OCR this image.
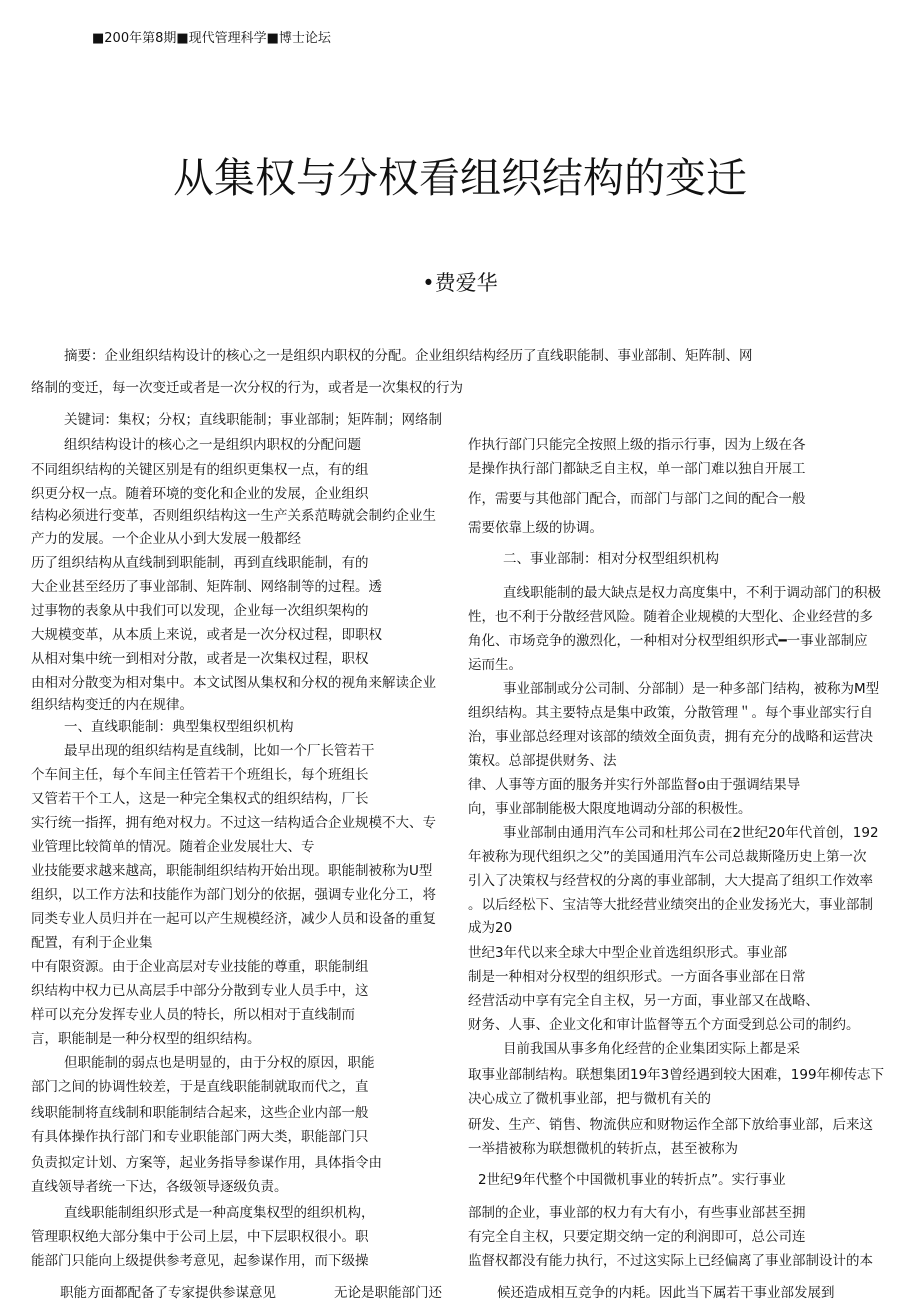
■200年第8期■现代管理科学■博士论坛
从集权与分权看组织结构的变迁
•费爱华
摘要：企业组织结构设计的核心之一是组织内职权的分配。企业组织结构经历了直线职能制、事业部制、矩阵制、网
络制的变迁，每一次变迁或者是一次分权的行为，或者是一次集权的行为
关键词：集权；分权；直线职能制；事业部制；矩阵制；网络制
组织结构设计的核心之一是组织内职权的分配问题
不同组织结构的关键区别是有的组织更集权一点，有的组
织更分权一点。随着环境的变化和企业的发展，企业组织
结构必须进行变革，否则组织结构这一生产关系范畴就会制约企业生
产力的发展。一个企业从小到大发展一般都经
历了组织结构从直线制到职能制，再到直线职能制，有的
大企业甚至经历了事业部制、矩阵制、网络制等的过程。透
过事物的表象从中我们可以发现，企业每一次组织架构的
大规模变革，从本质上来说，或者是一次分权过程，即职权
从相对集中统一到相对分散，或者是一次集权过程，职权
由相对分散变为相对集中。本文试图从集权和分权的视角来解读企业
组织结构变迁的内在规律。
一、直线职能制：典型集权型组织机构
最早出现的组织结构是直线制，比如一个厂长管若干
个车间主任，每个车间主任管若干个班组长，每个班组长
又管若干个工人，这是一种完全集权式的组织结构，厂长
实行统一指挥，拥有绝对权力。不过这一结构适合企业规模不大、专
业管理比较简单的情况。随着企业发展壮大、专
业技能要求越来越高，职能制组织结构开始出现。职能制被称为U型
组织，以工作方法和技能作为部门划分的依据，强调专业化分工，将
同类专业人员归并在一起可以产生规模经济，减少人员和设备的重复
配置，有利于企业集
中有限资源。由于企业高层对专业技能的尊重，职能制组
织结构中权力已从高层手中部分分散到专业人员手中，这
样可以充分发挥专业人员的特长，所以相对于直线制而
言，职能制是一种分权型的组织结构。
但职能制的弱点也是明显的，由于分权的原因，职能
部门之间的协调性较差，于是直线职能制就取而代之，直
线职能制将直线制和职能制结合起来，这些企业内部一般
有具体操作执行部门和专业职能部门两大类，职能部门只
负责拟定计划、方案等，起业务指导参谋作用，具体指令由
直线领导者统一下达，各级领导逐级负责。
直线职能制组织形式是一种高度集权型的组织机构，
管理职权绝大部分集中于公司上层，中下层职权很小。职
能部门只能向上级提供参考意见，起参谋作用，而下级操
作执行部门只能完全按照上级的指示行事，因为上级在各
是操作执行部门都缺乏自主权，单一部门难以独自开展工
作，需要与其他部门配合，而部门与部门之间的配合一般
需要依靠上级的协调。
二、事业部制：相对分权型组织机构
直线职能制的最大缺点是权力高度集中，不利于调动部门的积极
性，也不利于分散经营风险。随着企业规模的大型化、企业经营的多
角化、市场竞争的激烈化，一种相对分权型组织形式━一事业部制应
运而生。
事业部制或分公司制、分部制）是一种多部门结构，被称为M型
组织结构。其主要特点是集中政策，分散管理＂。每个事业部实行自
治，事业部总经理对该部的绩效全面负责，拥有充分的战略和运营决
策权。总部提供财务、法
律、人事等方面的服务并实行外部监督o由于强调结果导
向，事业部制能极大限度地调动分部的积极性。
事业部制由通用汽车公司和杜邦公司在2世纪20年代首创，192
年被称为现代组织之父”的美国通用汽车公司总裁斯隆历史上第一次
引入了决策权与经营权的分离的事业部制，大大提高了组织工作效率
。以后经松下、宝洁等大批经营业绩突出的企业发扬光大，事业部制
成为20
世纪3年代以来全球大中型企业首选组织形式。事业部
制是一种相对分权型的组织形式。一方面各事业部在日常
经营活动中享有完全自主权，另一方面，事业部又在战略、
财务、人事、企业文化和审计监督等五个方面受到总公司的制约。
目前我国从事多角化经营的企业集团实际上都是采
取事业部制结构。联想集团19年3曾经遇到较大困难，199年柳传志下
决心成立了微机事业部，把与微机有关的
研发、生产、销售、物流供应和财物运作全部下放给事业部，后来这
一举措被称为联想微机的转折点，甚至被称为
2世纪9年代整个中国微机事业的转折点”。实行事业
部制的企业，事业部的权力有大有小，有些事业部甚至拥
有完全自主权，只要定期交纳一定的利润即可，总公司连
监督权都没有能力执行，不过这实际上已经偏离了事业部制设计的本
职能方面都配备了专家提供参谋意见	无论是职能部门还	候还造成相互竞争的内耗。因此当下属若干事业部发展到
